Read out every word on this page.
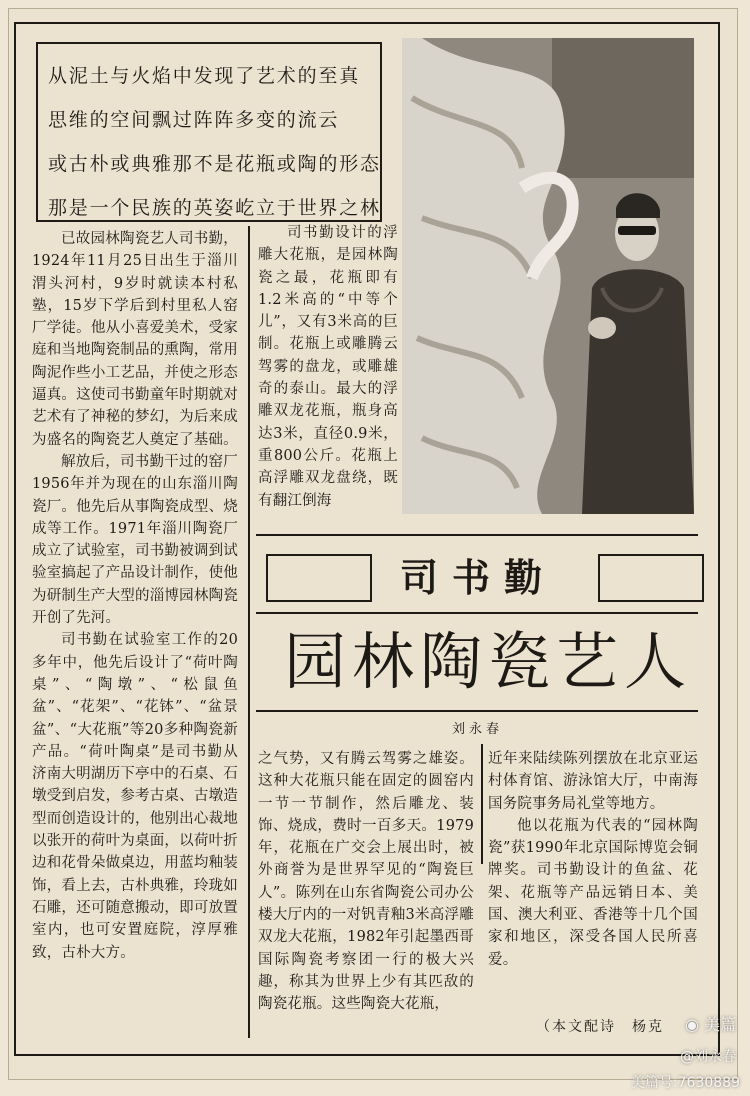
从泥土与火焰中发现了艺术的至真
思维的空间飘过阵阵多变的流云
或古朴或典雅那不是花瓶或陶的形态
那是一个民族的英姿屹立于世界之林

已故园林陶瓷艺人司书勤，1924年11月25日出生于淄川渭头河村，9岁时就读本村私塾，15岁下学后到村里私人窑厂学徒。他从小喜爱美术，受家庭和当地陶瓷制品的熏陶，常用陶泥作些小工艺品，并使之形态逼真。这使司书勤童年时期就对艺术有了神秘的梦幻，为后来成为盛名的陶瓷艺人奠定了基础。

解放后，司书勤干过的窑厂1956年并为现在的山东淄川陶瓷厂。他先后从事陶瓷成型、烧成等工作。1971年淄川陶瓷厂成立了试验室，司书勤被调到试验室搞起了产品设计制作，使他为研制生产大型的淄博园林陶瓷开创了先河。

司书勤在试验室工作的20多年中，他先后设计了“荷叶陶桌”、“陶墩”、“松鼠鱼盆”、“花架”、“花钵”、“盆景盆”、“大花瓶”等20多种陶瓷新产品。“荷叶陶桌”是司书勤从济南大明湖历下亭中的石桌、石墩受到启发，参考古桌、古墩造型而创造设计的，他别出心裁地以张开的荷叶为桌面，以荷叶折边和花骨朵做桌边，用蓝均釉装饰，看上去，古朴典雅，玲珑如石雕，还可随意搬动，即可放置室内，也可安置庭院，淳厚雅致，古朴大方。

司书勤设计的浮雕大花瓶，是园林陶瓷之最，花瓶即有1.2米高的“中等个儿”，又有3米高的巨制。花瓶上或雕腾云驾雾的盘龙，或雕雄奇的泰山。最大的浮雕双龙花瓶，瓶身高达3米，直径0.9米，重800公斤。花瓶上高浮雕双龙盘绕，既有翻江倒海

司书勤
园林陶瓷艺人
刘永春

之气势，又有腾云驾雾之雄姿。这种大花瓶只能在固定的圆窑内一节一节制作，然后雕龙、装饰、烧成，费时一百多天。1979年，花瓶在广交会上展出时，被外商誉为是世界罕见的“陶瓷巨人”。陈列在山东省陶瓷公司办公楼大厅内的一对钒青釉3米高浮雕双龙大花瓶，1982年引起墨西哥国际陶瓷考察团一行的极大兴趣，称其为世界上少有其匹敌的陶瓷花瓶。这些陶瓷大花瓶，

近年来陆续陈列摆放在北京亚运村体育馆、游泳馆大厅，中南海国务院事务局礼堂等地方。

他以花瓶为代表的“园林陶瓷”获1990年北京国际博览会铜牌奖。司书勤设计的鱼盆、花架、花瓶等产品远销日本、美国、澳大利亚、香港等十几个国家和地区，深受各国人民所喜爱。

（本文配诗　杨克 ◉ 美篇
@刘永春
美篇号:7630889
